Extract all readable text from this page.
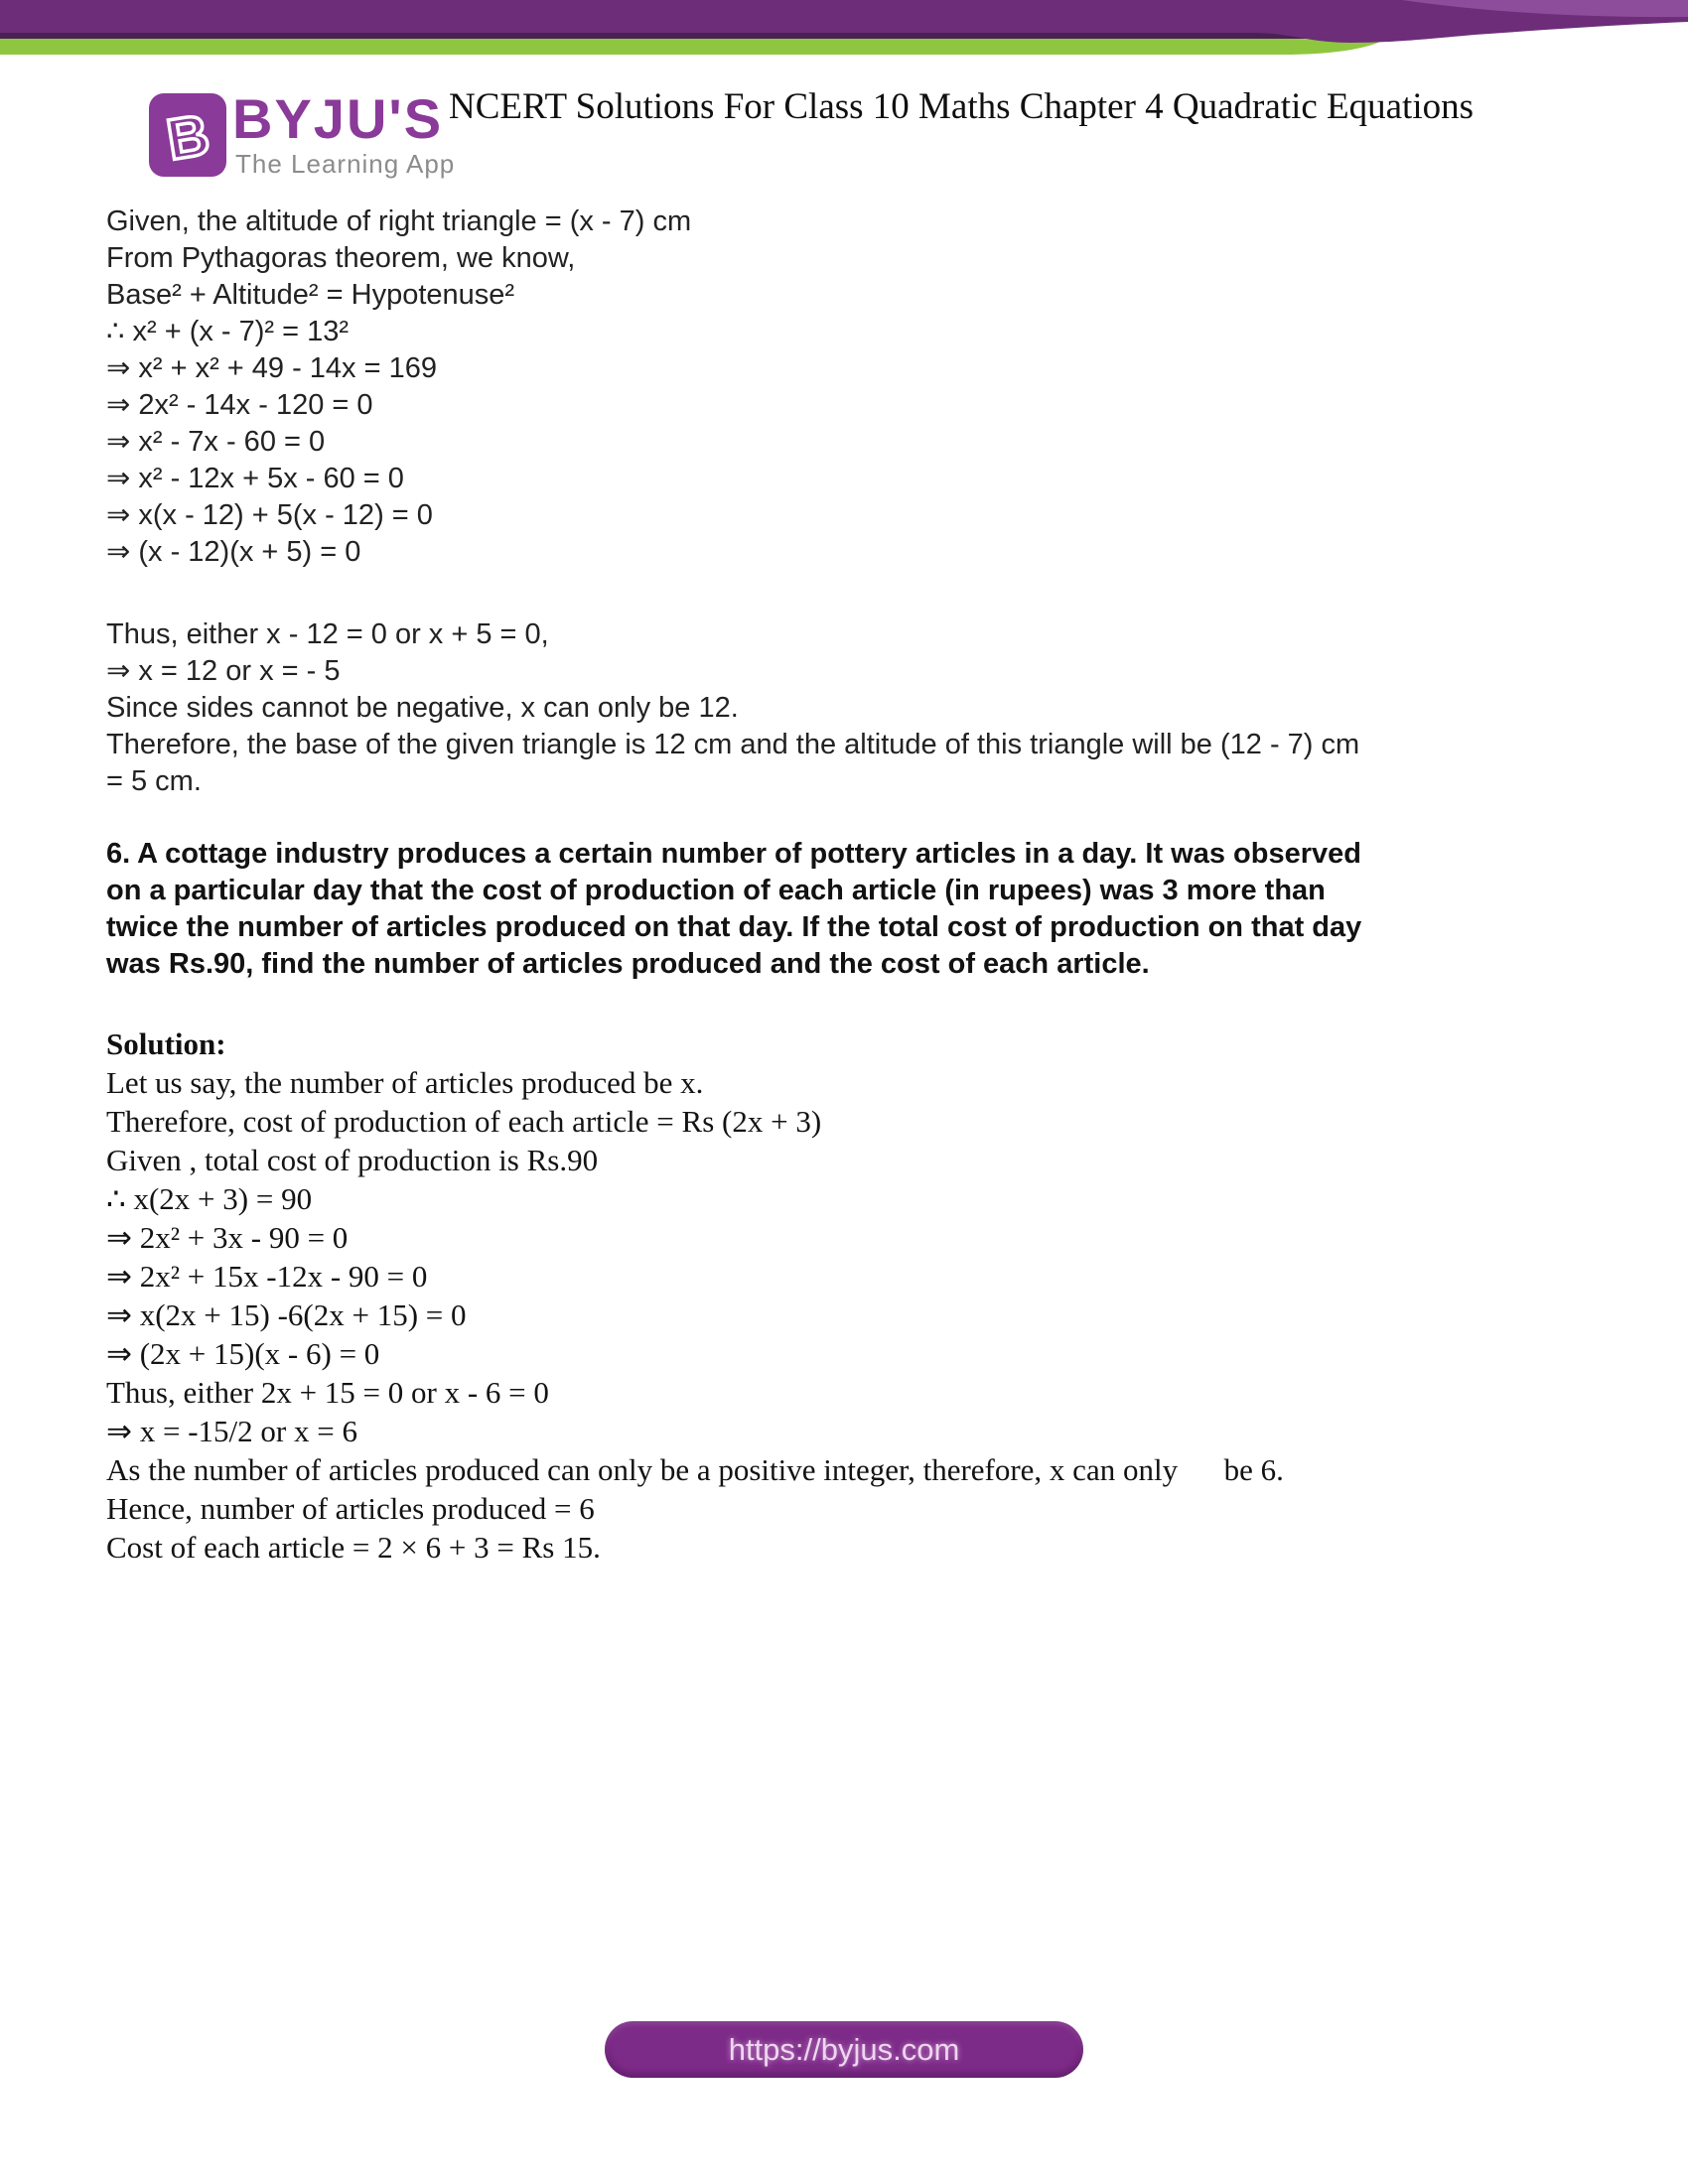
B BYJU'S
The Learning App
NCERT Solutions For Class 10 Maths Chapter 4 Quadratic Equations
Given, the altitude of right triangle = (x - 7) cm
From Pythagoras theorem, we know,
Base² + Altitude² = Hypotenuse²
∴ x² + (x - 7)² = 13²
⇒ x² + x² + 49 - 14x = 169
⇒ 2x² - 14x - 120 = 0
⇒ x² - 7x - 60 = 0
⇒ x² - 12x + 5x - 60 = 0
⇒ x(x - 12) + 5(x - 12) = 0
⇒ (x - 12)(x + 5) = 0
Thus, either x - 12 = 0 or x + 5 = 0,
⇒ x = 12 or x = - 5
Since sides cannot be negative, x can only be 12.
Therefore, the base of the given triangle is 12 cm and the altitude of this triangle will be (12 - 7) cm
= 5 cm.
6. A cottage industry produces a certain number of pottery articles in a day. It was observed
on a particular day that the cost of production of each article (in rupees) was 3 more than
twice the number of articles produced on that day. If the total cost of production on that day
was Rs.90, find the number of articles produced and the cost of each article.
Solution:
Let us say, the number of articles produced be x.
Therefore, cost of production of each article = Rs (2x + 3)
Given , total cost of production is Rs.90
∴ x(2x + 3) = 90
⇒ 2x² + 3x - 90 = 0
⇒ 2x² + 15x -12x - 90 = 0
⇒ x(2x + 15) -6(2x + 15) = 0
⇒ (2x + 15)(x - 6) = 0
Thus, either 2x + 15 = 0 or x - 6 = 0
⇒ x = -15/2 or x = 6
As the number of articles produced can only be a positive integer, therefore, x can only      be 6.
Hence, number of articles produced = 6
Cost of each article = 2 × 6 + 3 = Rs 15.
https://byjus.com
